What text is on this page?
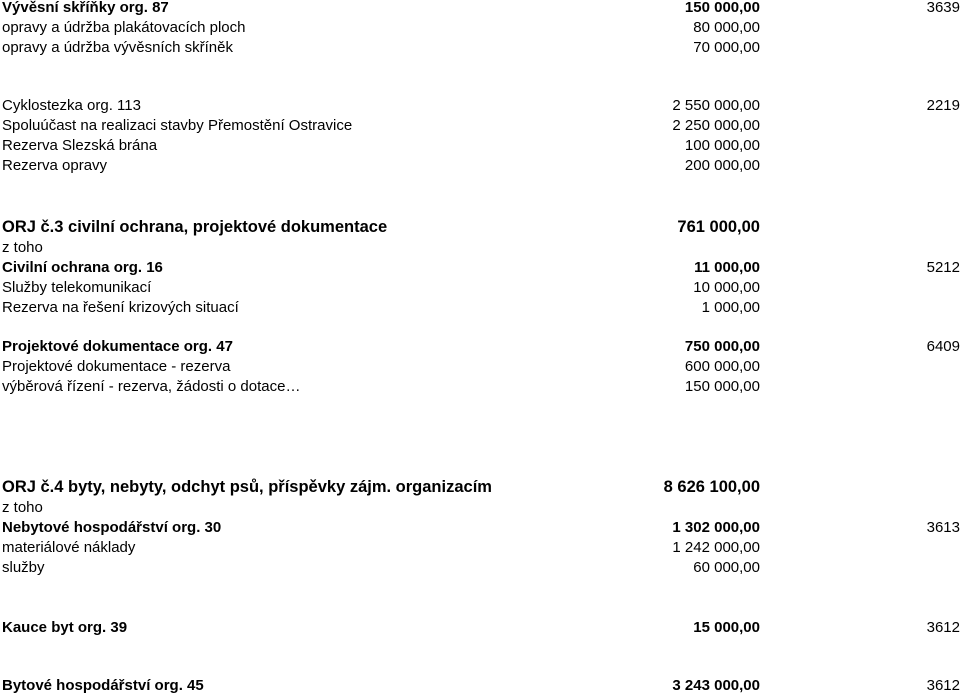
Vývěsní skříňky org. 87	150 000,00	3639
opravy a údržba plakátovacích ploch	80 000,00
opravy a údržba vývěsních skříněk	70 000,00
Cyklostezka org. 113	2 550 000,00	2219
Spoluúčast na realizaci stavby Přemostění Ostravice	2 250 000,00
Rezerva Slezská brána	100 000,00
Rezerva opravy	200 000,00
ORJ č.3 civilní ochrana, projektové dokumentace	761 000,00
z toho
Civilní ochrana org. 16	11 000,00	5212
Služby telekomunikací	10 000,00
Rezerva na řešení krizových situací	1 000,00
Projektové dokumentace org. 47	750 000,00	6409
Projektové dokumentace - rezerva	600 000,00
výběrová řízení - rezerva, žádosti o dotace…	150 000,00
ORJ č.4 byty, nebyty, odchyt psů, příspěvky zájm. organizacím	8 626 100,00
z toho
Nebytové hospodářství org. 30	1 302 000,00	3613
materiálové náklady	1 242 000,00
služby	60 000,00
Kauce byt org. 39	15 000,00	3612
Bytové hospodářství org. 45	3 243 000,00	3612
